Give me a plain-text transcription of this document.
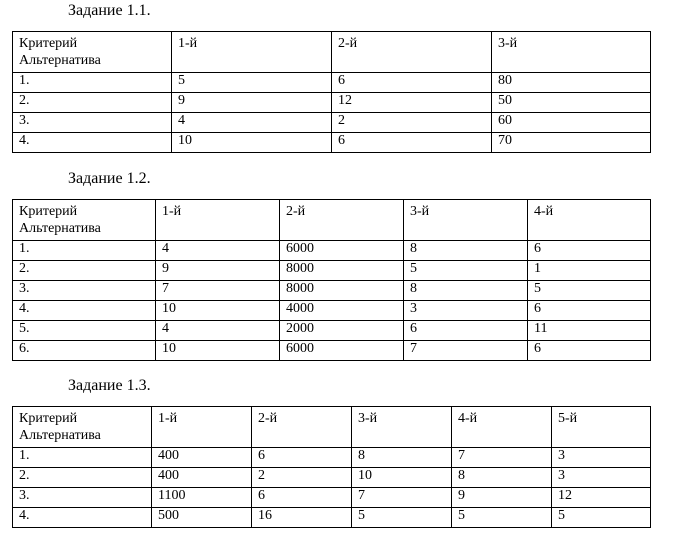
Задание 1.1.
Критерий
Альтернатива	1-й	2-й	3-й
1.	5	6	80
2.	9	12	50
3.	4	2	60
4.	10	6	70
Задание 1.2.
Критерий
Альтернатива	1-й	2-й	3-й	4-й
1.	4	6000	8	6
2.	9	8000	5	1
3.	7	8000	8	5
4.	10	4000	3	6
5.	4	2000	6	11
6.	10	6000	7	6
Задание 1.3.
Критерий
Альтернатива	1-й	2-й	3-й	4-й	5-й
1.	400	6	8	7	3
2.	400	2	10	8	3
3.	1100	6	7	9	12
4.	500	16	5	5	5
